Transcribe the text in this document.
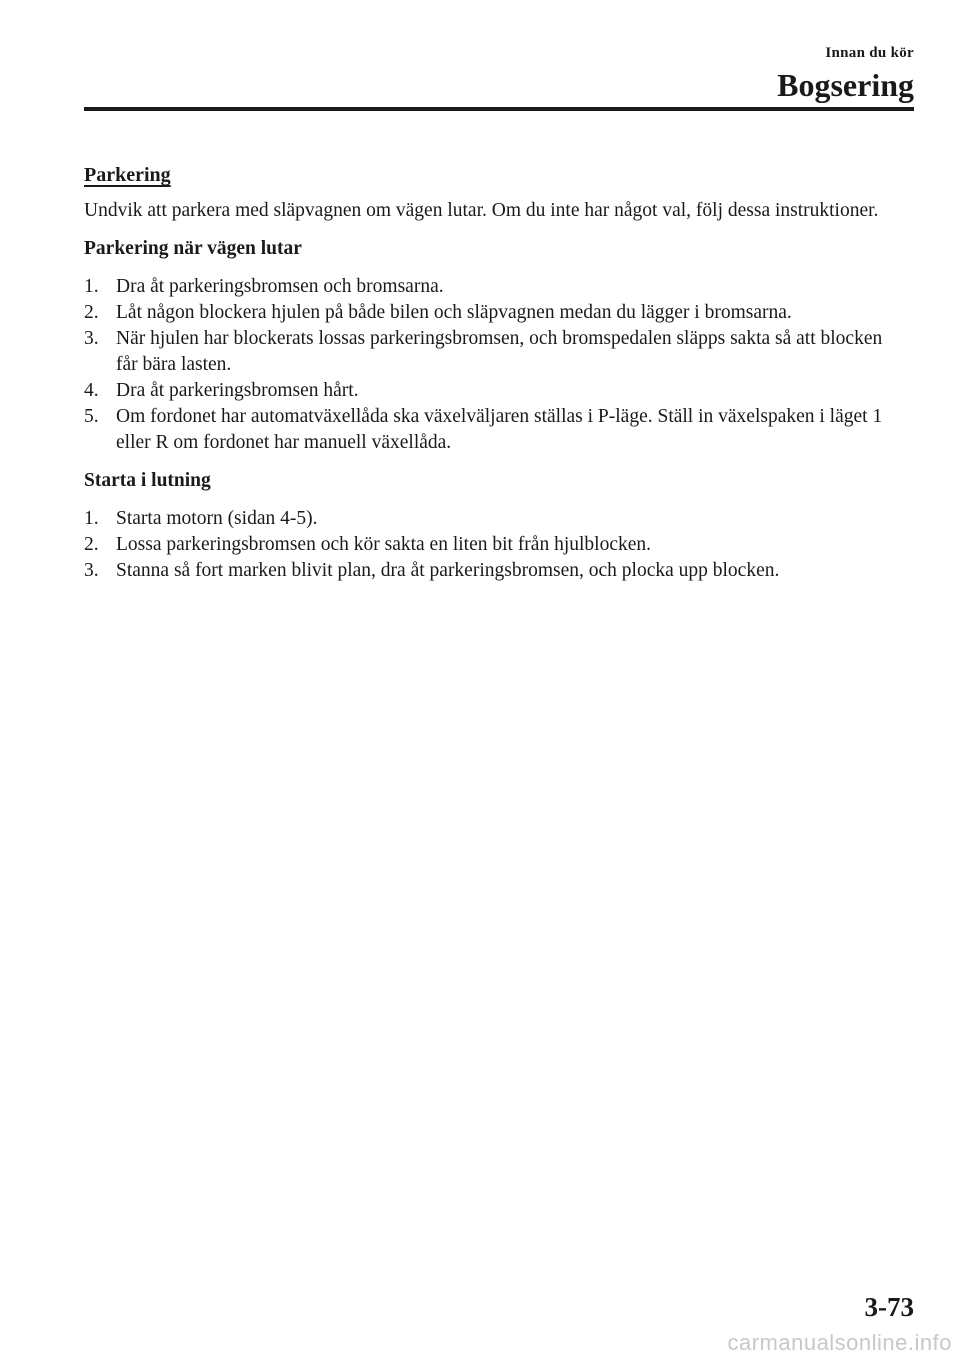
Innan du kör
Bogsering
Parkering

Undvik att parkera med släpvagnen om vägen lutar. Om du inte har något val, följ dessa instruktioner.

Parkering när vägen lutar
1. Dra åt parkeringsbromsen och bromsarna.
2. Låt någon blockera hjulen på både bilen och släpvagnen medan du lägger i bromsarna.
3. När hjulen har blockerats lossas parkeringsbromsen, och bromspedalen släpps sakta så att blocken får bära lasten.
4. Dra åt parkeringsbromsen hårt.
5. Om fordonet har automatväxellåda ska växelväljaren ställas i P-läge. Ställ in växelspaken i läget 1 eller R om fordonet har manuell växellåda.
Starta i lutning
1. Starta motorn (sidan 4-5).
2. Lossa parkeringsbromsen och kör sakta en liten bit från hjulblocken.
3. Stanna så fort marken blivit plan, dra åt parkeringsbromsen, och plocka upp blocken.
3-73
carmanualsonline.info
